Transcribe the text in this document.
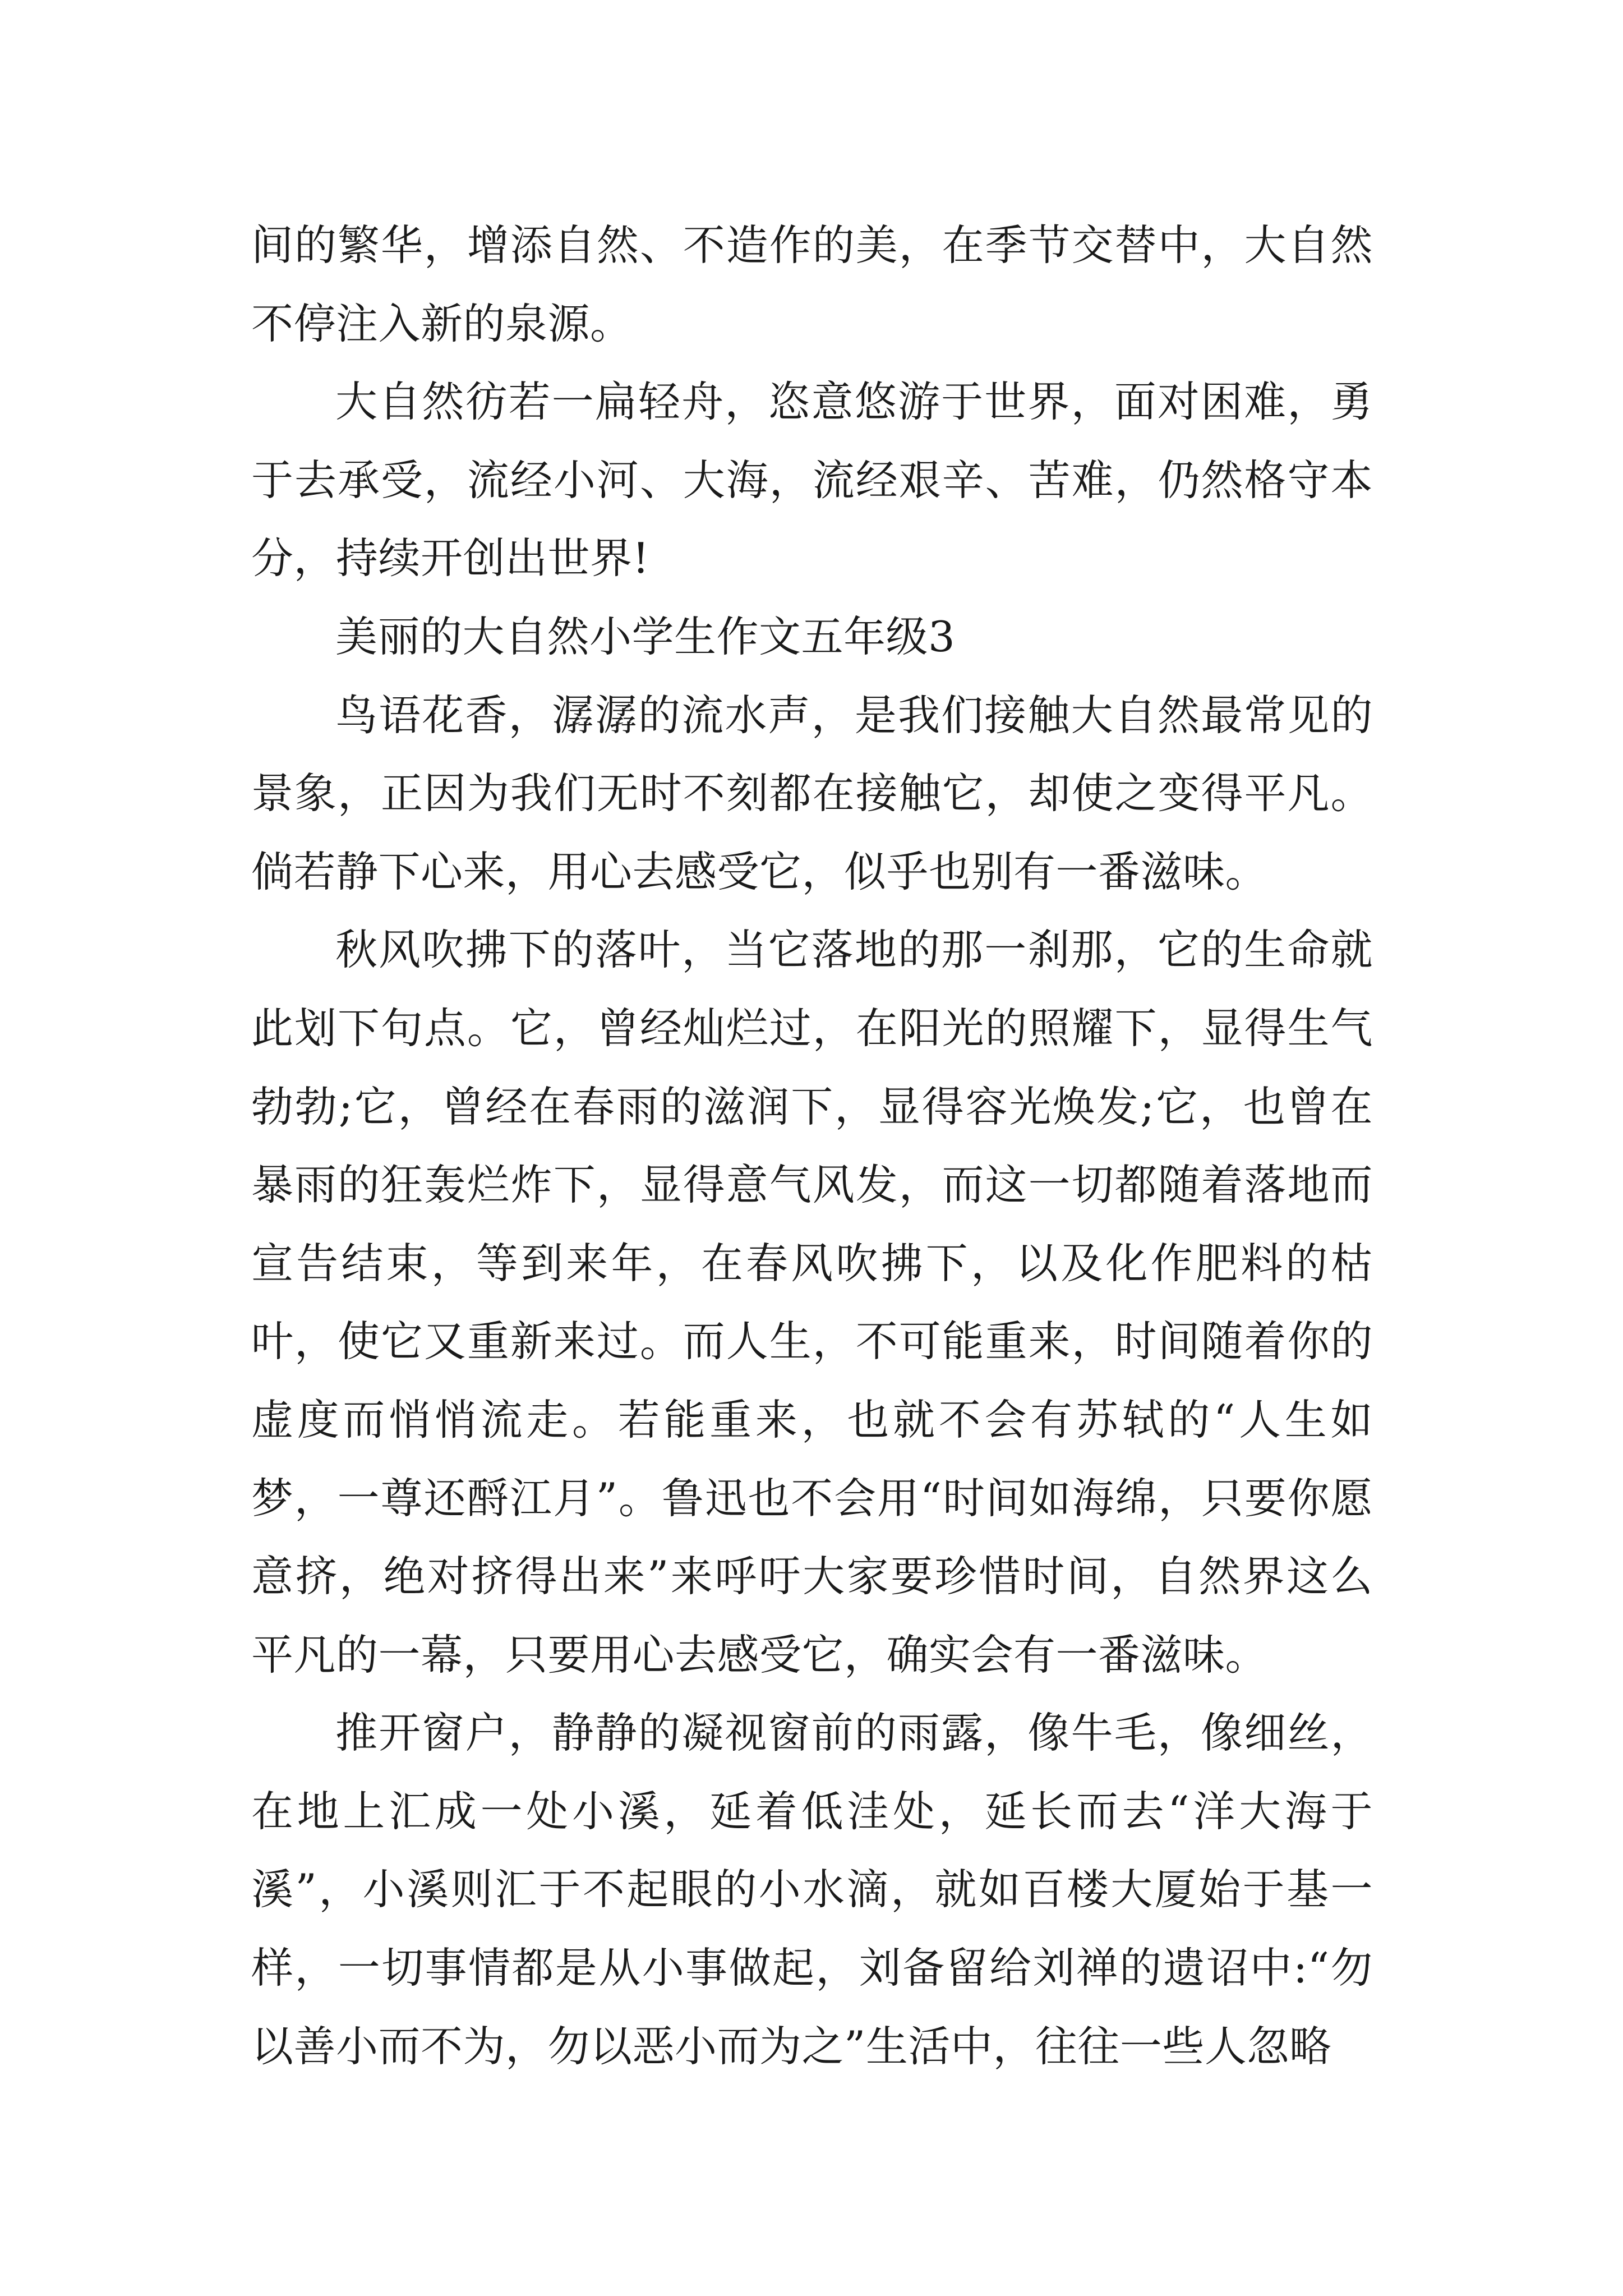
间的繁华，增添自然、不造作的美，在季节交替中，大自然不停注入新的泉源。

大自然彷若一扁轻舟，恣意悠游于世界，面对困难，勇于去承受，流经小河、大海，流经艰辛、苦难，仍然格守本分，持续开创出世界!

美丽的大自然小学生作文五年级3

鸟语花香，潺潺的流水声，是我们接触大自然最常见的景象，正因为我们无时不刻都在接触它，却使之变得平凡。倘若静下心来，用心去感受它，似乎也别有一番滋味。

秋风吹拂下的落叶，当它落地的那一刹那，它的生命就此划下句点。它，曾经灿烂过，在阳光的照耀下，显得生气勃勃;它，曾经在春雨的滋润下，显得容光焕发;它，也曾在暴雨的狂轰烂炸下，显得意气风发，而这一切都随着落地而宣告结束，等到来年，在春风吹拂下，以及化作肥料的枯叶，使它又重新来过。而人生，不可能重来，时间随着你的虚度而悄悄流走。若能重来，也就不会有苏轼的“人生如梦，一尊还酹江月”。鲁迅也不会用“时间如海绵，只要你愿意挤，绝对挤得出来”来呼吁大家要珍惜时间，自然界这么平凡的一幕，只要用心去感受它，确实会有一番滋味。

推开窗户，静静的凝视窗前的雨露，像牛毛，像细丝，在地上汇成一处小溪，延着低洼处，延长而去“洋大海于溪”，小溪则汇于不起眼的小水滴，就如百楼大厦始于基一样，一切事情都是从小事做起，刘备留给刘禅的遗诏中:“勿以善小而不为，勿以恶小而为之”生活中，往往一些人忽略
